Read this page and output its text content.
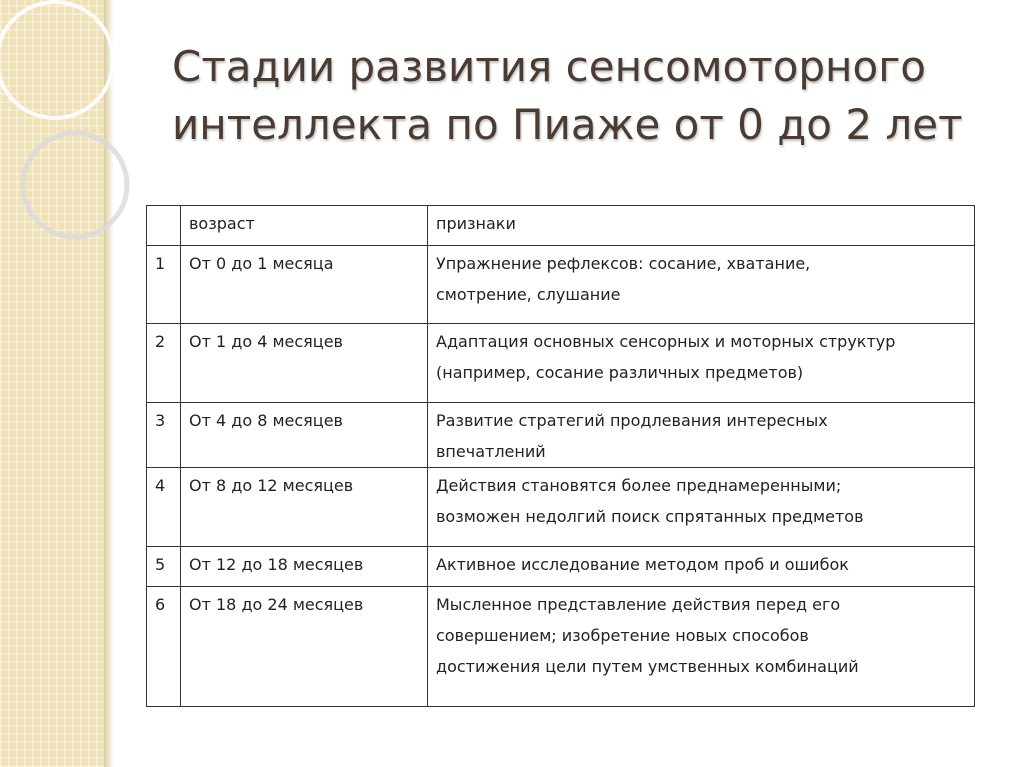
Стадии развития сенсомоторного
интеллекта по Пиаже от 0 до 2 лет
	возраст	признаки
1	От 0 до 1 месяца	Упражнение рефлексов: сосание, хватание,
смотрение, слушание

2	От 1 до 4 месяцев	Адаптация основных сенсорных и моторных структур
(например, сосание различных предметов)

3	От 4 до 8 месяцев	Развитие стратегий продлевания интересных
впечатлений

4	От 8 до 12 месяцев	Действия становятся более преднамеренными;
возможен недолгий поиск спрятанных предметов

5	От 12 до 18 месяцев	Активное исследование методом проб и ошибок

6	От 18 до 24 месяцев	Мысленное представление действия перед его
совершением; изобретение новых способов
достижения цели путем умственных комбинаций
